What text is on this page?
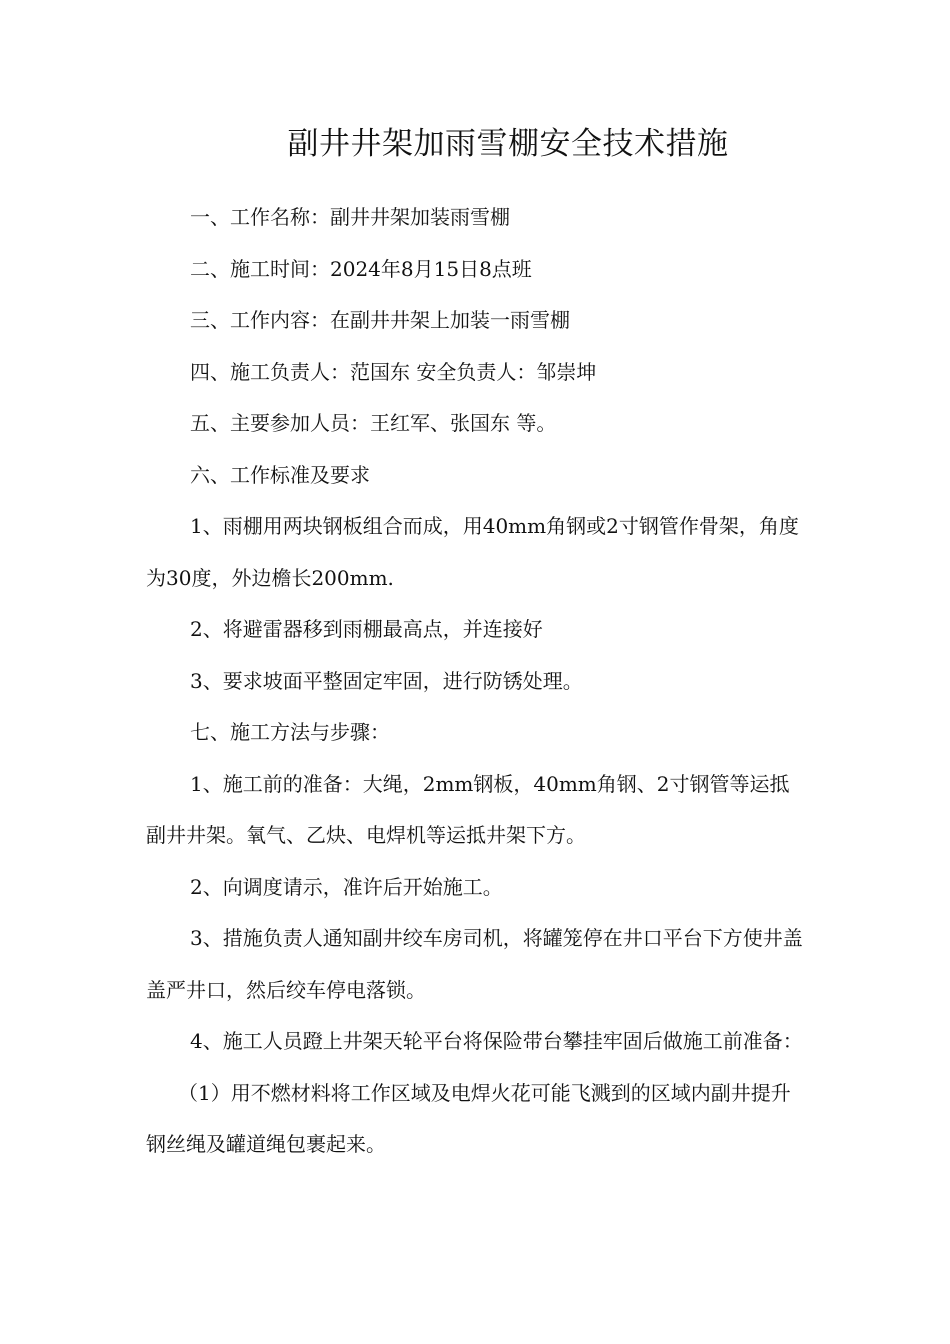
副井井架加雨雪棚安全技术措施

一、工作名称：副井井架加装雨雪棚

二、施工时间：2024年8月15日8点班

三、工作内容：在副井井架上加装一雨雪棚

四、施工负责人：范国东 安全负责人：邹崇坤

五、主要参加人员：王红军、张国东 等。

六、工作标准及要求

1、雨棚用两块钢板组合而成，用40mm角钢或2寸钢管作骨架，角度为30度，外边檐长200mm.

2、将避雷器移到雨棚最高点，并连接好

3、要求坡面平整固定牢固，进行防锈处理。

七、施工方法与步骤：

1、施工前的准备：大绳，2mm钢板，40mm角钢、2寸钢管等运抵副井井架。氧气、乙炔、电焊机等运抵井架下方。

2、向调度请示，准许后开始施工。

3、措施负责人通知副井绞车房司机，将罐笼停在井口平台下方使井盖盖严井口，然后绞车停电落锁。

4、施工人员蹬上井架天轮平台将保险带台攀挂牢固后做施工前准备：

（1）用不燃材料将工作区域及电焊火花可能飞溅到的区域内副井提升钢丝绳及罐道绳包裹起来。
